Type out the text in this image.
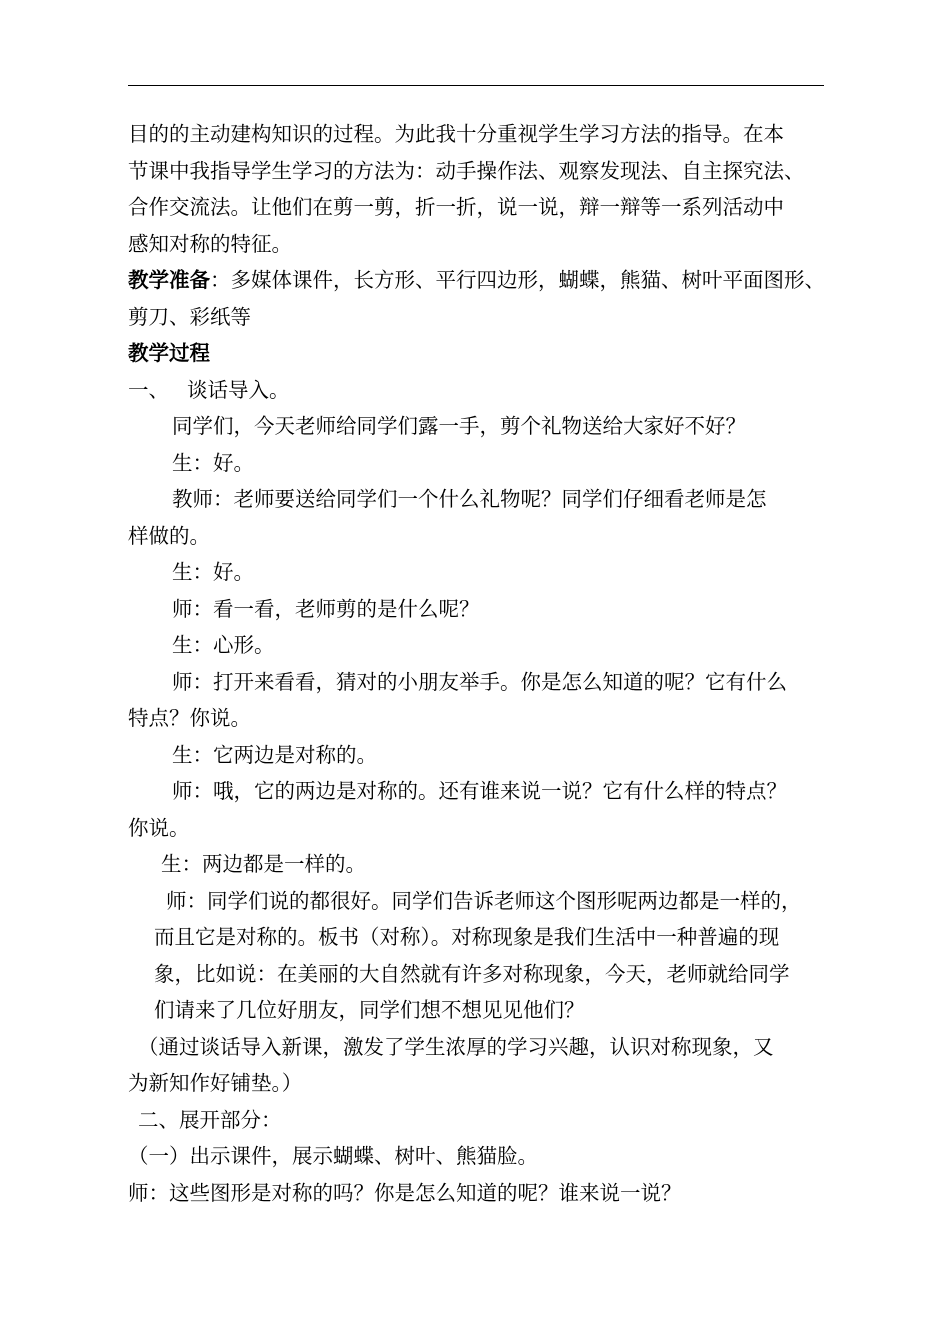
目的的主动建构知识的过程。为此我十分重视学生学习方法的指导。在本

节课中我指导学生学习的方法为：动手操作法、观察发现法、自主探究法、

合作交流法。让他们在剪一剪，折一折，说一说，辩一辩等一系列活动中

感知对称的特征。

教学准备：多媒体课件，长方形、平行四边形，蝴蝶，熊猫、树叶平面图形、

剪刀、彩纸等

教学过程

一、 谈话导入。

同学们，今天老师给同学们露一手，剪个礼物送给大家好不好？

生：好。

教师：老师要送给同学们一个什么礼物呢？同学们仔细看老师是怎

样做的。

生：好。

师：看一看，老师剪的是什么呢？

生：心形。

师：打开来看看，猜对的小朋友举手。你是怎么知道的呢？它有什么

特点？你说。

生：它两边是对称的。

师：哦，它的两边是对称的。还有谁来说一说？它有什么样的特点？

你说。

生：两边都是一样的。

师：同学们说的都很好。同学们告诉老师这个图形呢两边都是一样的，

而且它是对称的。板书（对称）。对称现象是我们生活中一种普遍的现

象，比如说：在美丽的大自然就有许多对称现象，今天，老师就给同学

们请来了几位好朋友，同学们想不想见见他们？

（通过谈话导入新课，激发了学生浓厚的学习兴趣，认识对称现象，又

为新知作好铺垫。）

二、展开部分：

（一）出示课件，展示蝴蝶、树叶、熊猫脸。

师：这些图形是对称的吗？你是怎么知道的呢？谁来说一说？
